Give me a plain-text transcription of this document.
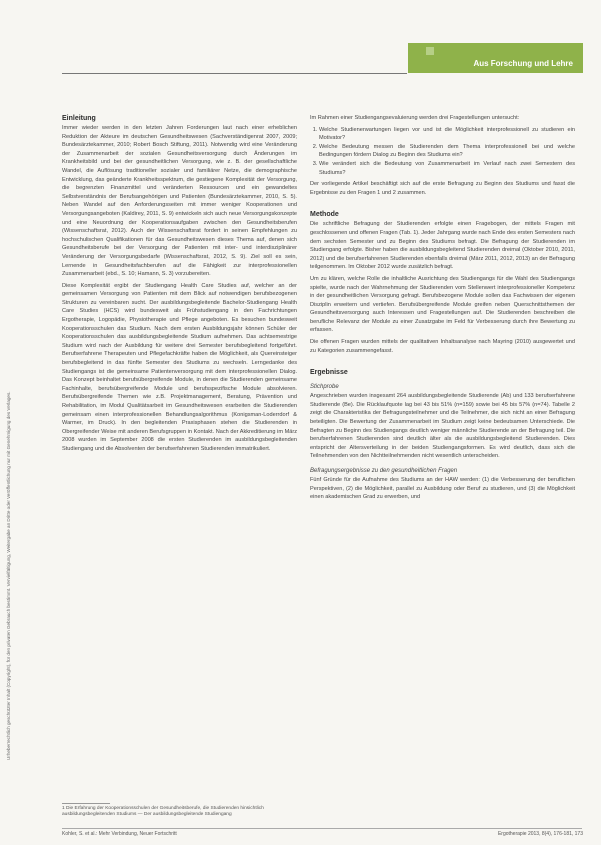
Urheberrechtlich geschützter Inhalt (Copyright), für den privaten Gebrauch bestimmt. Vervielfältigung, Weitergabe an Dritte oder Veröffentlichung nur mit Genehmigung des Verlages.
Aus Forschung und Lehre
Einleitung

Immer wieder werden in den letzten Jahren Forderungen laut nach einer erheblichen Reduktion der Akteure im deutschen Gesundheitswesen (Sachverständigenrat 2007, 2009; Bundesärztekammer, 2010; Robert Bosch Stiftung, 2011). Notwendig wird eine Veränderung der Zusammenarbeit der sozialen Gesundheitsversorgung durch Änderungen im Krankheitsbild und bei der gesundheitlichen Versorgung, wie z. B. der gesellschaftliche Wandel, die Auflösung traditioneller sozialer und familiärer Netze, die demographische Entwicklung, das geänderte Krankheitsspektrum, die gestiegene Komplexität der Versorgung, die begrenzten Finanzmittel und veränderten Ressourcen und ein gewandeltes Selbstverständnis der Berufsangehörigen und Patienten (Bundesärztekammer, 2010, S. 5). Neben Wandel auf den Anforderungsseiten mit immer weniger Kooperationen und Versorgungsangeboten (Kaldirey, 2011, S. 9) entwickeln sich auch neue Versorgungskonzepte und eine Neuordnung der Kooperationsaufgaben zwischen den Gesundheitsberufen (Wissenschaftsrat, 2012). Auch der Wissenschaftsrat fordert in seinen Empfehlungen zu hochschulischen Qualifikationen für das Gesundheitswesen dieses Thema auf, denen sich Gesundheitsberufe bei der Versorgung der Patienten mit inter- und interdisziplinärer Veränderung der Versorgungsbedarfe (Wissenschaftsrat, 2012, S. 9). Ziel soll es sein, Lernende in Gesundheitsfachberufen auf die Fähigkeit zur interprofessionellen Zusammenarbeit (ebd., S. 10; Hamann, S. 3) vorzubereiten.

Diese Komplexität ergibt der Studiengang Health Care Studies auf, welcher an der gemeinsamen Versorgung von Patienten mit dem Blick auf notwendigen berufsbezogenen Strukturen zu vereinbaren sucht. Der ausbildungsbegleitende Bachelor-Studiengang Health Care Studies (HCS) wird bundesweit als Frühstudiengang in den Fachrichtungen Ergotherapie, Logopädie, Physiotherapie und Pflege angeboten. Es besuchen bundesweit Kooperationsschulen das Studium. Nach dem ersten Ausbildungsjahr können Schüler der Kooperationsschulen das ausbildungsbegleitende Studium aufnehmen. Das achtsemestrige Studium wird nach der Ausbildung für weitere drei Semester berufsbegleitend fortgeführt. Berufserfahrene Therapeuten und Pflegefachkräfte haben die Möglichkeit, als Quereinsteiger berufsbegleitend in das fünfte Semester des Studiums zu wechseln. Lerngedanke des Studiengangs ist die gemeinsame Patientenversorgung mit dem interprofessionellen Dialog. Das Konzept beinhaltet berufsübergreifende Module, in denen die Studierenden gemeinsame Fachinhalte, berufsübergreifende Module und berufsspezifische Module absolvieren. Berufsübergreifende Themen wie z.B. Projektmanagement, Beratung, Prävention und Rehabilitation, im Modul Qualitätsarbeit im Gesundheitswesen erarbeiten die Studierenden gemeinsam einen interprofessionellen Behandlungsalgorithmus (Konigsman-Loderrdorf & Warmer, im Druck). In den begleitenden Praxisphasen stehen die Studierenden in Obergreifender Weise mit anderen Berufsgruppen in Kontakt. Nach der Akkreditierung im März 2008 wurden im September 2008 die ersten Studierenden im ausbildungsbegleitenden Studiengang und die Absolventen der berufserfahrenen Studierenden immatrikuliert.

Im Rahmen einer Studiengangsevaluierung werden drei Fragestellungen untersucht:

1. Welche Studienerwartungen liegen vor und ist die Möglichkeit interprofessionell zu studieren ein Motivator?
2. Welche Bedeutung messen die Studierenden dem Thema interprofessionell bei und welche Bedingungen fördern Dialog zu Beginn des Studiums ein?
3. Wie verändert sich die Bedeutung von Zusammenarbeit im Verlauf nach zwei Semestern des Studiums?

Der vorliegende Artikel beschäftigt sich auf die erste Befragung zu Beginn des Studiums und fasst die Ergebnisse zu den Fragen 1 und 2 zusammen.

Methode

Die schriftliche Befragung der Studierenden erfolgte einen Fragebogen, der mittels Fragen mit geschlossenen und offenen Fragen (Tab. 1). Jeder Jahrgang wurde nach Ende des ersten Semesters nach dem sechsten Semester und zu Beginn des Studiums befragt. Die Befragung der Studierenden im Studiengang erfolgte. Bisher haben die ausbildungsbegleitend Studierenden dreimal (Oktober 2010, 2011, 2012) und die berufserfahrenen Studierenden ebenfalls dreimal (März 2011, 2012, 2013) an der Befragung teilgenommen. Im Oktober 2012 wurde zusätzlich befragt.

Um zu klären, welche Rolle die inhaltliche Ausrichtung des Studiengangs für die Wahl des Studiengangs spielte, wurde nach der Wahrnehmung der Studierenden vom Stellenwert interprofessioneller Kompetenz in der gesundheitlichen Versorgung gefragt. Berufsbezogene Module sollen das Fachwissen der eigenen Disziplin erweitern und vertiefen. Berufsübergreifende Module greifen neben Querschnittsthemen der Gesundheitsversorgung auch Interessen und Fragestellungen auf. Die Studierenden beschreiben die berufliche Relevanz der Module zu einer Zusatzgabe im Feld für Verbesserung durch ihre Bewertung zu erfassen.

Die offenen Fragen wurden mittels der qualitativen Inhaltsanalyse nach Mayring (2010) ausgewertet und zu Kategorien zusammengefasst.

Ergebnisse
Stichprobe

Angeschrieben wurden insgesamt 264 ausbildungsbegleitende Studierende (Ab) und 133 berufserfahrene Studierende (Be). Die Rücklaufquote lag bei 43 bis 51% (n=159) sowie bei 45 bis 57% (n=74). Tabelle 2 zeigt die Charakteristika der Befragungsteilnehmer und die Teilnehmer, die sich nicht an einer Befragung beteiligten. Die Bewertung der Zusammenarbeit im Studium zeigt keine bedeutsamen Unterschiede. Die Befragten zu Beginn des Studiengangs deutlich weniger männliche Studierende an der Befragung teil. Die berufserfahrenen Studierenden sind deutlich älter als die ausbildungsbegleitend Studierenden. Dies entspricht der Altersverteilung in der beiden Studiengangsformen. Es wird deutlich, dass sich die Teilnehmenden von den Nichtteilnehmenden nicht wesentlich unterscheiden.

Befragungsergebnisse zu den gesundheitlichen Fragen

Fünf Gründe für die Aufnahme des Studiums an der HAW werden: (1) die Verbesserung der beruflichen Perspektiven, (2) die Möglichkeit, parallel zu Ausbildung oder Beruf zu studieren, und (3) die Möglichkeit einen akademischen Grad zu erwerben, und

1 Die Erfahrung der Kooperationsschulen der Gesundheitsberufe, die Studierenden hinsichtlich ausbildungsbegleitenden Studiums — Der ausbildungsbegleitende Studiengang
Kohler, S. et al.: Mehr Verbindung, Neuer Fortschritt	Ergotherapie 2013, 8(4), 176-181, 173
